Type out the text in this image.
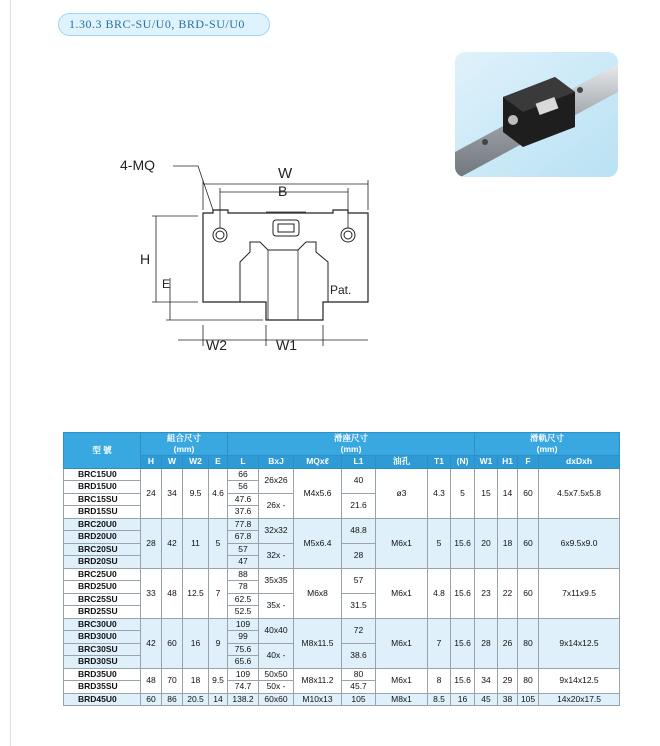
1.30.3 BRC-SU/U0, BRD-SU/U0
4-MQ	W
B
H
E
W2	W1
Pat.
型 號	組合尺寸
(mm)				滑座尺寸
(mm)							滑軌尺寸
(mm)			
	H	W	W2	E	L	BxJ	MQxℓ	L1	油孔	T1	(N)	W1	H1	F	dxDxh
BRC15U0	24	34	9.5	4.6	66	26x26	M4x5.6	40	ø3	4.3	5	15	14	60	4.5x7.5x5.8
BRD15U0					56										
BRC15SU					47.6	26x -		21.6							
BRD15SU					37.6										
BRC20U0	28	42	11	5	77.8	32x32	M5x6.4	48.8	M6x1	5	15.6	20	18	60	6x9.5x9.0
BRD20U0					67.8										
BRC20SU					57	32x -		28							
BRD20SU					47										
BRC25U0	33	48	12.5	7	88	35x35	M6x8	57	M6x1	4.8	15.6	23	22	60	7x11x9.5
BRD25U0					78										
BRC25SU					62.5	35x -		31.5							
BRD25SU					52.5										
BRC30U0	42	60	16	9	109	40x40	M8x11.5	72	M6x1	7	15.6	28	26	80	9x14x12.5
BRD30U0					99										
BRC30SU					75.6	40x -		38.6							
BRD30SU					65.6										
BRD35U0	48	70	18	9.5	109	50x50	M8x11.2	80	M6x1	8	15.6	34	29	80	9x14x12.5
BRD35SU					74.7	50x -		45.7							
BRD45U0	60	86	20.5	14	138.2	60x60	M10x13	105	M8x1	8.5	16	45	38	105	14x20x17.5
